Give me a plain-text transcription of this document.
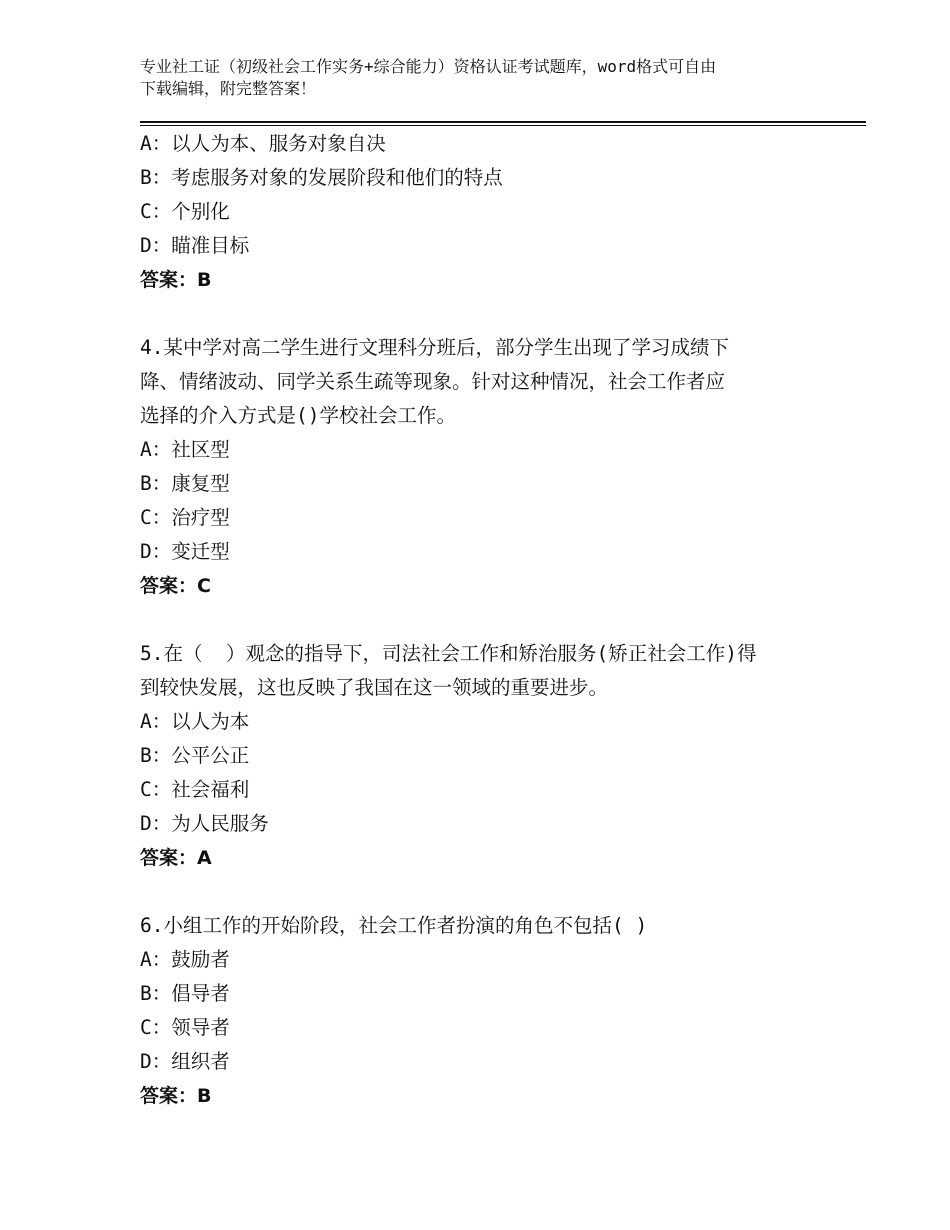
专业社工证（初级社会工作实务+综合能力）资格认证考试题库，word格式可自由
下载编辑，附完整答案！
A：以人为本、服务对象自决
B：考虑服务对象的发展阶段和他们的特点
C：个别化
D：瞄准目标
答案：B
4.某中学对高二学生进行文理科分班后，部分学生出现了学习成绩下
降、情绪波动、同学关系生疏等现象。针对这种情况，社会工作者应
选择的介入方式是()学校社会工作。
A：社区型
B：康复型
C：治疗型
D：变迁型
答案：C
5.在（  ）观念的指导下，司法社会工作和矫治服务(矫正社会工作)得
到较快发展，这也反映了我国在这一领域的重要进步。
A：以人为本
B：公平公正
C：社会福利
D：为人民服务
答案：A
6.小组工作的开始阶段，社会工作者扮演的角色不包括( )
A：鼓励者
B：倡导者
C：领导者
D：组织者
答案：B
